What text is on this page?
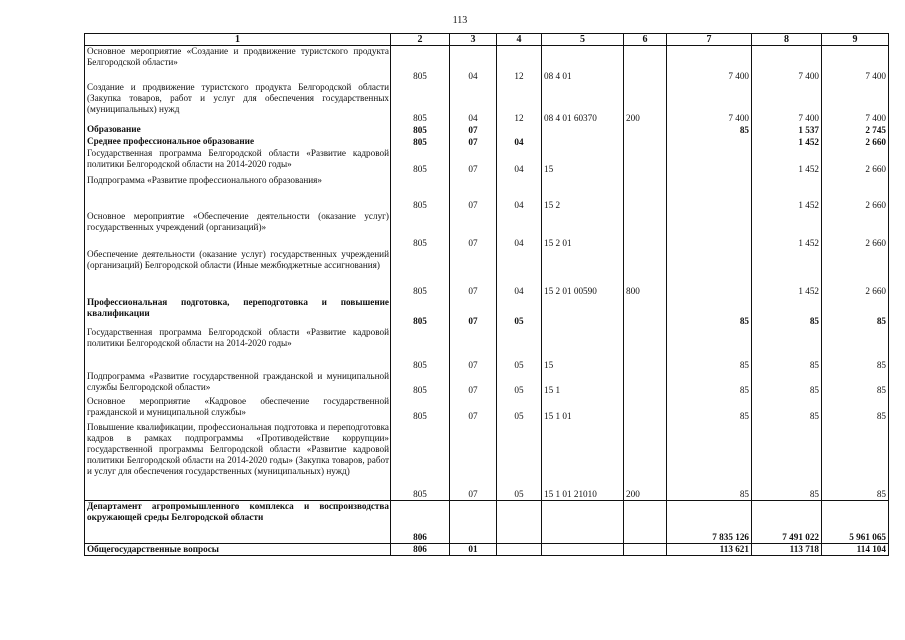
113
1	2	3	4	5	6	7	8	9
Основное мероприятие «Создание и продвижение туристского продукта Белгородской области»	805	04	12	08 4 01		7 400	7 400	7 400
Создание и продвижение туристского продукта Белгородской области (Закупка товаров, работ и услуг для обеспечения государственных (муниципальных) нужд	805	04	12	08 4 01 60370	200	7 400	7 400	7 400
Образование	805	07				85	1 537	2 745
Среднее профессиональное образование	805	07	04				1 452	2 660
Государственная программа Белгородской области «Развитие кадровой политики Белгородской области на 2014-2020 годы»	805	07	04	15			1 452	2 660
Подпрограмма «Развитие профессионального образования»	805	07	04	15 2			1 452	2 660
Основное мероприятие «Обеспечение деятельности (оказание услуг) государственных учреждений (организаций)»	805	07	04	15 2 01			1 452	2 660
Обеспечение деятельности (оказание услуг) государственных учреждений (организаций) Белгородской области (Иные межбюджетные ассигнования)	805	07	04	15 2 01 00590	800		1 452	2 660
Профессиональная подготовка, переподготовка и повышение квалификации	805	07	05			85	85	85
Государственная программа Белгородской области «Развитие кадровой политики Белгородской области на 2014-2020 годы»	805	07	05	15		85	85	85
Подпрограмма «Развитие государственной гражданской и муниципальной службы Белгородской области»	805	07	05	15 1		85	85	85
Основное мероприятие «Кадровое обеспечение государственной гражданской и муниципальной службы»	805	07	05	15 1 01		85	85	85
Повышение квалификации, профессиональная подготовка и переподготовка кадров в рамках подпрограммы «Противодействие коррупции» государственной программы Белгородской области «Развитие кадровой политики Белгородской области на 2014-2020 годы» (Закупка товаров, работ и услуг для обеспечения государственных (муниципальных) нужд)	805	07	05	15 1 01 21010	200	85	85	85
Департамент агропромышленного комплекса и воспроизводства окружающей среды Белгородской области	806					7 835 126	7 491 022	5 961 065
Общегосударственные вопросы	806	01				113 621	113 718	114 104
